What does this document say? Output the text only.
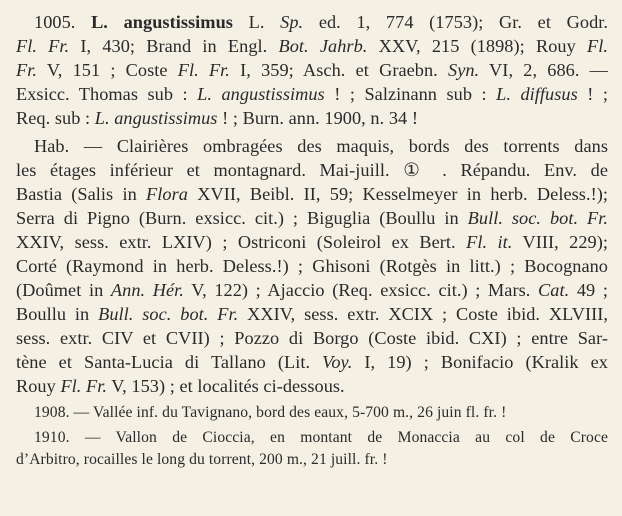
1005. L. angustissimus L. Sp. ed. 1, 774 (1753); Gr. et Godr.
Fl. Fr. I, 430; Brand in Engl. Bot. Jahrb. XXV, 215 (1898); Rouy Fl.
Fr. V, 151 ; Coste Fl. Fr. I, 359; Asch. et Graebn. Syn. VI, 2, 686. —
Exsicc. Thomas sub : L. angustissimus ! ; Salzinann sub : L. diffusus ! ;
Req. sub : L. angustissimus ! ; Burn. ann. 1900, n. 34 !
Hab. — Clairières ombragées des maquis, bords des torrents dans
les étages inférieur et montagnard. Mai-juill. ① . Répandu. Env. de
Bastia (Salis in Flora XVII, Beibl. II, 59; Kesselmeyer in herb. Deless.!);
Serra di Pigno (Burn. exsicc. cit.) ; Biguglia (Boullu in Bull. soc. bot. Fr.
XXIV, sess. extr. LXIV) ; Ostriconi (Soleirol ex Bert. Fl. it. VIII, 229);
Corté (Raymond in herb. Deless.!) ; Ghisoni (Rotgès in litt.) ; Bocognano
(Doûmet in Ann. Hér. V, 122) ; Ajaccio (Req. exsicc. cit.) ; Mars. Cat. 49 ;
Boullu in Bull. soc. bot. Fr. XXIV, sess. extr. XCIX ; Coste ibid. XLVIII,
sess. extr. CIV et CVII) ; Pozzo di Borgo (Coste ibid. CXI) ; entre Sar-
tène et Santa-Lucia di Tallano (Lit. Voy. I, 19) ; Bonifacio (Kralik ex
Rouy Fl. Fr. V, 153) ; et localités ci-dessous.
1908. — Vallée inf. du Tavignano, bord des eaux, 5-700 m., 26 juin fl. fr. !
1910. — Vallon de Cioccia, en montant de Monaccia au col de Croce
d’Arbitro, rocailles le long du torrent, 200 m., 21 juill. fr. !
